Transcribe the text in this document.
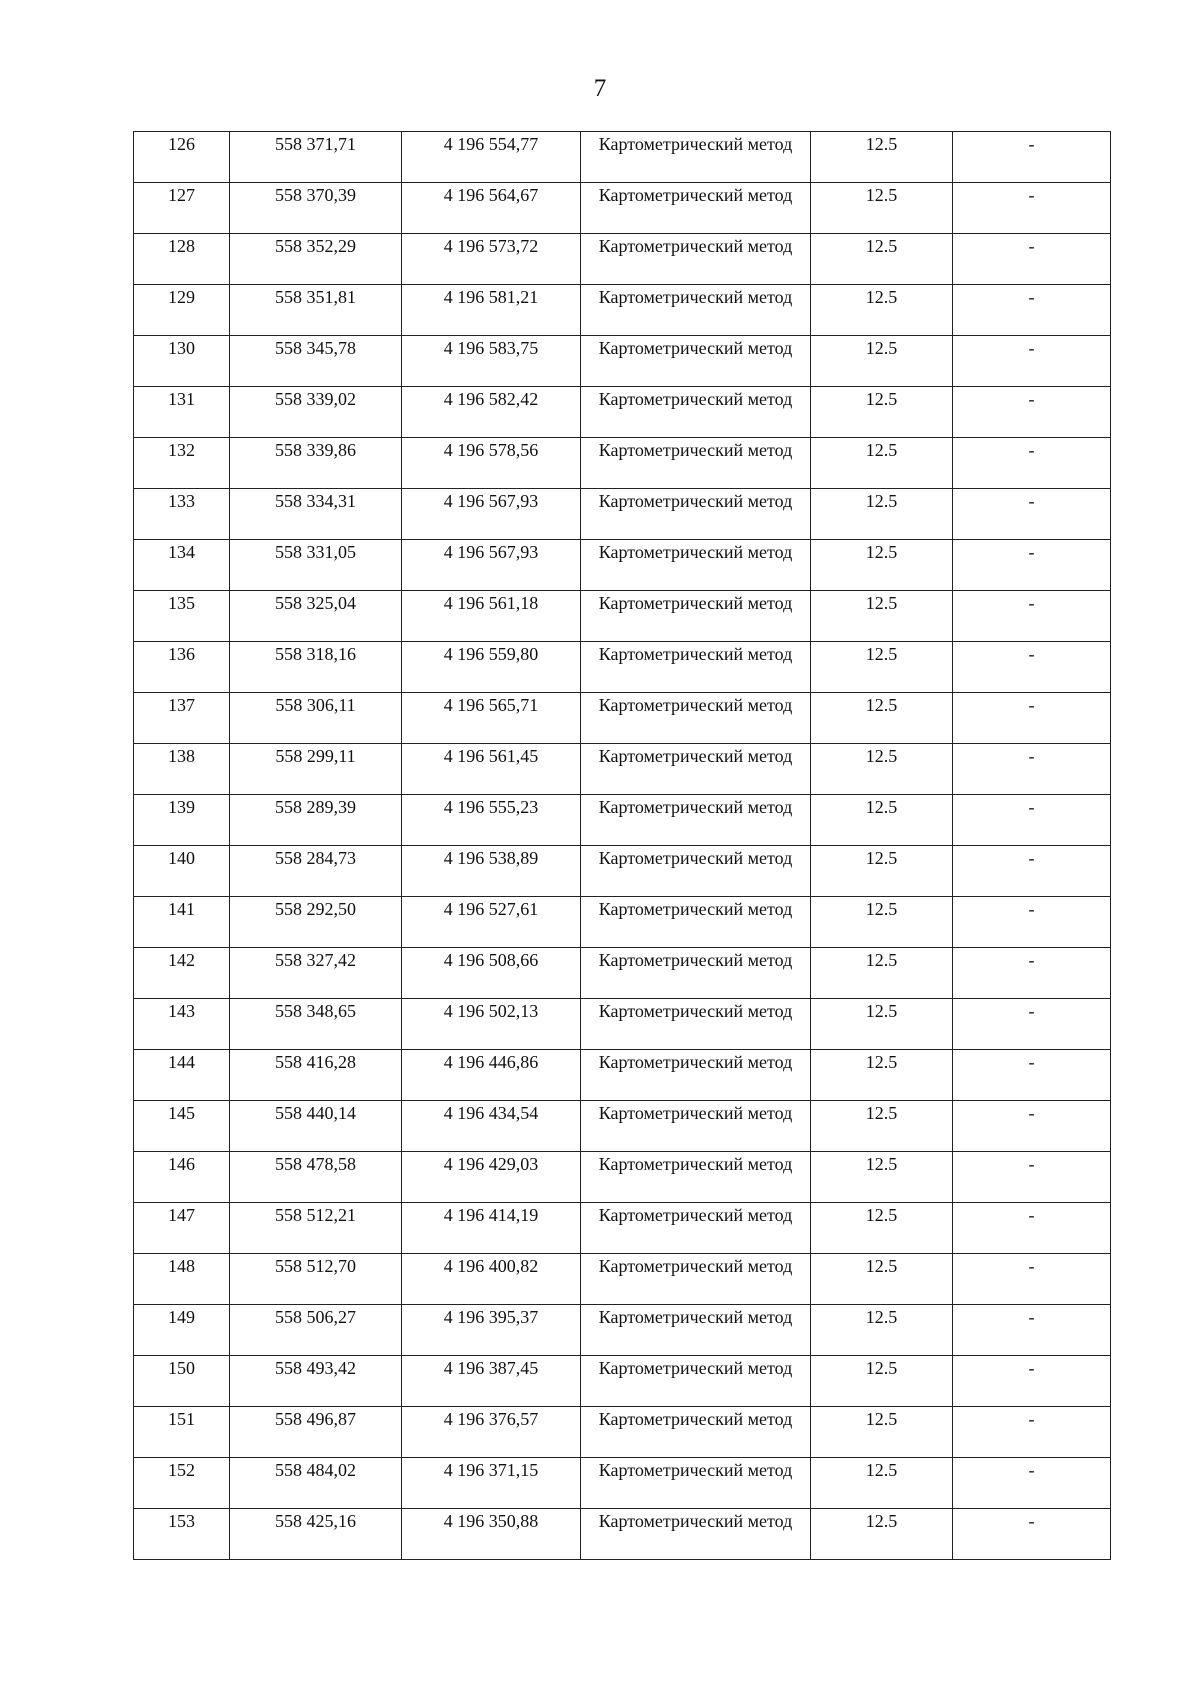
7
126	558 371,71	4 196 554,77	Картометрический метод	12.5	-
127	558 370,39	4 196 564,67	Картометрический метод	12.5	-
128	558 352,29	4 196 573,72	Картометрический метод	12.5	-
129	558 351,81	4 196 581,21	Картометрический метод	12.5	-
130	558 345,78	4 196 583,75	Картометрический метод	12.5	-
131	558 339,02	4 196 582,42	Картометрический метод	12.5	-
132	558 339,86	4 196 578,56	Картометрический метод	12.5	-
133	558 334,31	4 196 567,93	Картометрический метод	12.5	-
134	558 331,05	4 196 567,93	Картометрический метод	12.5	-
135	558 325,04	4 196 561,18	Картометрический метод	12.5	-
136	558 318,16	4 196 559,80	Картометрический метод	12.5	-
137	558 306,11	4 196 565,71	Картометрический метод	12.5	-
138	558 299,11	4 196 561,45	Картометрический метод	12.5	-
139	558 289,39	4 196 555,23	Картометрический метод	12.5	-
140	558 284,73	4 196 538,89	Картометрический метод	12.5	-
141	558 292,50	4 196 527,61	Картометрический метод	12.5	-
142	558 327,42	4 196 508,66	Картометрический метод	12.5	-
143	558 348,65	4 196 502,13	Картометрический метод	12.5	-
144	558 416,28	4 196 446,86	Картометрический метод	12.5	-
145	558 440,14	4 196 434,54	Картометрический метод	12.5	-
146	558 478,58	4 196 429,03	Картометрический метод	12.5	-
147	558 512,21	4 196 414,19	Картометрический метод	12.5	-
148	558 512,70	4 196 400,82	Картометрический метод	12.5	-
149	558 506,27	4 196 395,37	Картометрический метод	12.5	-
150	558 493,42	4 196 387,45	Картометрический метод	12.5	-
151	558 496,87	4 196 376,57	Картометрический метод	12.5	-
152	558 484,02	4 196 371,15	Картометрический метод	12.5	-
153	558 425,16	4 196 350,88	Картометрический метод	12.5	-
